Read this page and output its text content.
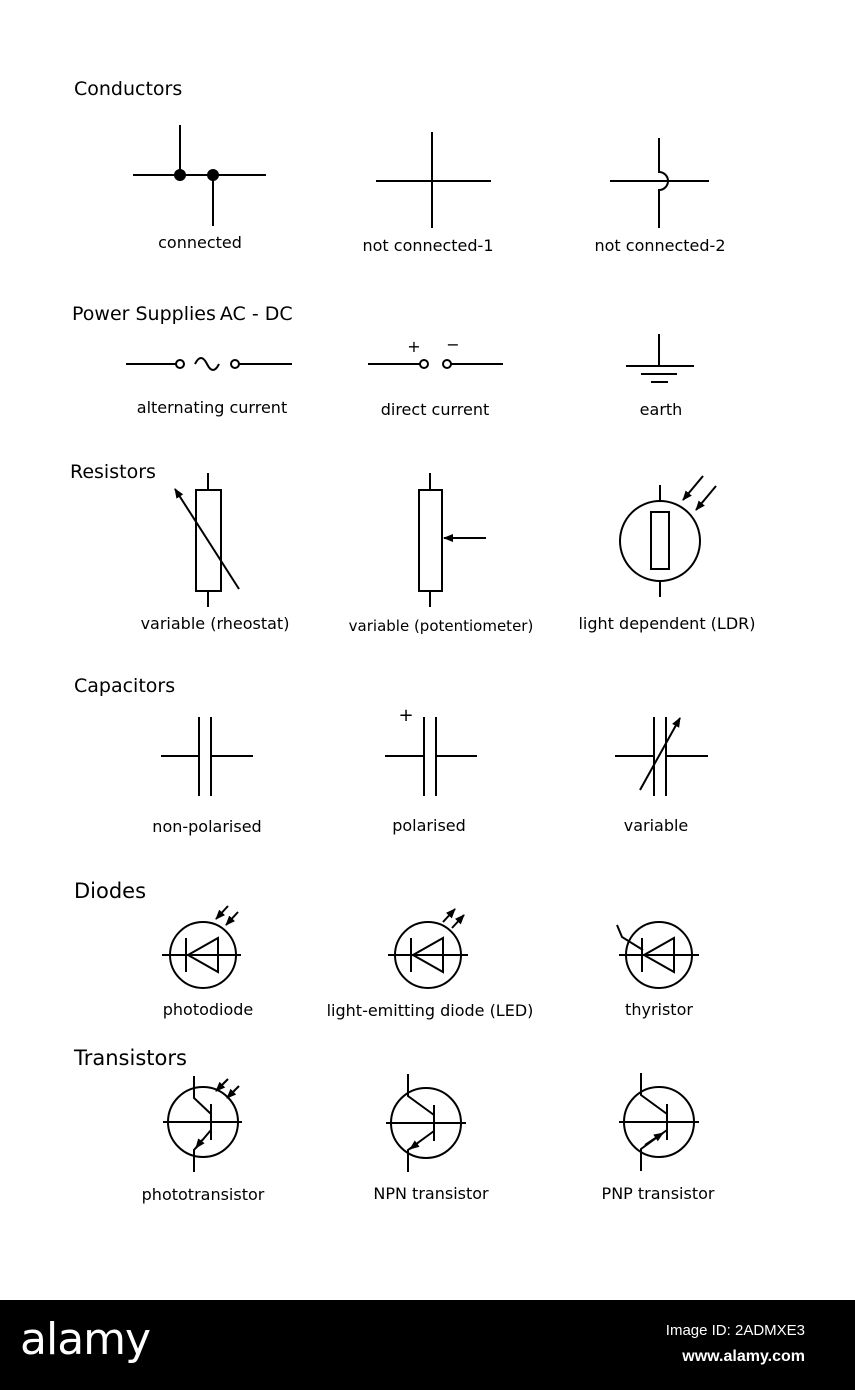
Conductors
Power Supplies AC - DC
Resistors
Capacitors
Diodes
Transistors
+ −
+
connected	not connected-1	not connected-2
alternating current	direct current	earth
variable (rheostat)	variable (potentiometer)	light dependent (LDR)
non-polarised	polarised	variable
photodiode	light-emitting diode (LED)	thyristor
phototransistor	NPN transistor	PNP transistor
alamy	Image ID: 2ADMXE3
www.alamy.com
